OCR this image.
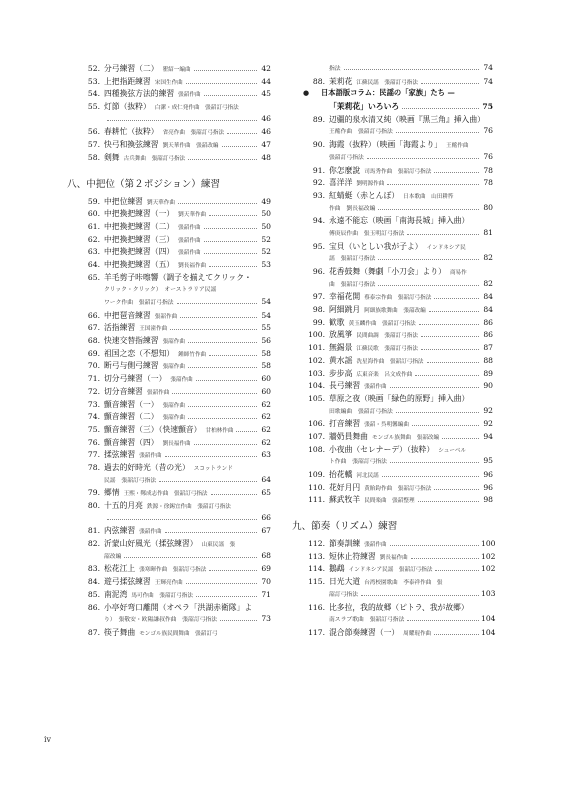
52. 分弓練習（二） 瞿紹一編曲	42
53. 上把指距練習 宋国生作曲	44
54. 四種換弦方法的練習 張韶作曲	45
55. 灯節（抜粋） 白潔・成仁発作曲　張韶訂弓指法
46
56. 春耕忙（抜粋） 省亮作曲　張韶訂弓指法	46
57. 快弓和換弦練習 劉天華作曲　張韶改編	47
58. 剣舞 古兵舞曲　張韶訂弓指法	48
八、中把位（第２ポジション）練習
59. 中把位練習 劉天華作曲	49
60. 中把換把練習（一） 劉天華作曲	50
61. 中把換把練習（二） 張韶作曲	50
62. 中把換把練習（三） 張韶作曲	52
63. 中把換把練習（四） 張韶作曲	52
64. 中把換把練習（五） 劉長福作曲	53
65. 羊毛剪子咔嚓響（調子を揃えてクリック・
クリック・クリック）　オーストラリア民謡
ワーク作曲　張韶訂弓指法	54
66. 中把琶音練習 張韶作曲	54
67. 活指練習 王国潼作曲	55
68. 快速交替指練習 張韶作曲	56
69. 祖国之恋（不想知） 鍾師竹作曲	58
70. 断弓与側弓練習 張韶作曲	58
71. 切分弓練習（一） 張韶作曲	60
72. 切分音練習 張韶作曲	60
73. 顫音練習（一） 張韶作曲	62
74. 顫音練習（二） 張韶作曲	62
75. 顫音練習（三）（快速顫音） 甘柏林作曲	62
76. 顫音練習（四） 劉長福作曲	62
77. 揉弦練習 張韶作曲	63
78. 過去的好時光（昔の光） スコットランド
民謡　張韶訂弓指法	64
79. 郷情 王熙・鄭成志作曲　張韶訂弓指法	65
80. 十五的月亮 鉄源・徐錫宜作曲　張韶訂弓指法
66
81. 内弦練習 張韶作曲	67
82. 沂蒙山好風光（揉弦練習） 山東民謡　張
韶改編	68
83. 松花江上 張寒暉作曲　張韶訂弓指法	69
84. 遊弓揉弦練習 王輝亮作曲	70
85. 南泥湾 馬可作曲　張韶訂弓指法	71
86. 小亭好弯口離開（オペラ「洪湖赤衛隊」よ
り）　張敬安・欧陽謙叔作曲　張韶訂弓指法	73
87. 筷子舞曲 モンゴル族民間舞曲　張韶訂弓
指法	74
88. 茉莉花 江蘇民謡　張韶訂弓指法	74
●	日本語版コラム：民謡の「家族」たち —
「茉莉花」いろいろ	75
89. 辺疆的泉水清又純（映画『黒三角』挿入曲）
王酩作曲　張韶訂弓指法	76
90. 海霞（抜粋）（映画「海霞より」 王酩作曲
張韶訂弓指法	76
91. 你怎麼說 司馬秀作曲　張韶訂弓指法	78
92. 喜洋洋 劉明源作曲	78
93. 紅蜻蜓（赤とんぼ） 日本歌曲　山田耕筰
作曲　劉長福改編	80
94. 永遠不能忘（映画「南海長城」挿入曲）
傅庚辰作曲　張玉明訂弓指法	81
95. 宝貝（いとしい我が子よ） インドネシア民
謡　張韶訂弓指法	82
96. 花香鼓舞（舞劇「小刀会」より） 商易作
曲　張韶訂弓指法	82
97. 幸福花開 蔡泰宗作曲　張韶訂弓指法	84
98. 阿細跳月 阿細族歌舞曲　張韶改編	84
99. 歓歌 黄玉麟作曲　張韶訂弓指法	86
100. 放風箏 民間曲調　張韶訂弓指法	86
101. 無錫景 江蘇民歌　張韶訂弓指法	87
102. 黄水謡 冼星海作曲　張韶訂弓指法	88
103. 步步高 広東音楽　呂文成作曲	89
104. 長弓練習 張韶作曲	90
105. 草原之夜（映画「緑色的原野」挿入曲）
田歌編曲　張韶訂弓指法	92
106. 打音練習 張韶・呉明馨編曲	92
107. 牆奶員舞曲 モンゴル族舞曲　張韶改編	94
108. 小夜曲（セレナーデ）（抜粋） シューベル
ト作曲　張韶訂弓指法	95
109. 抬花轎 河北民謡	96
110. 花好月円 黄貽鈞作曲　張韶訂弓指法	96
111. 蘇武牧羊 民間楽曲　張韶整理	98
九、節奏（リズム）練習
112. 節奏訓練 張韶作曲	100
113. 短休止符練習 劉長福作曲	102
114. 鵝鵡 インドネシア民謡　張韶訂弓指法	102
115. 日光大道 台湾校園歌曲　李泰祥作曲　張
韶訂弓指法	103
116. 比多拉，我的故郷（ピトラ、我が故郷）
南スラブ歌曲　張韶訂弓指法	104
117. 混合節奏練習（一） 周耀琨作曲	104
iv
